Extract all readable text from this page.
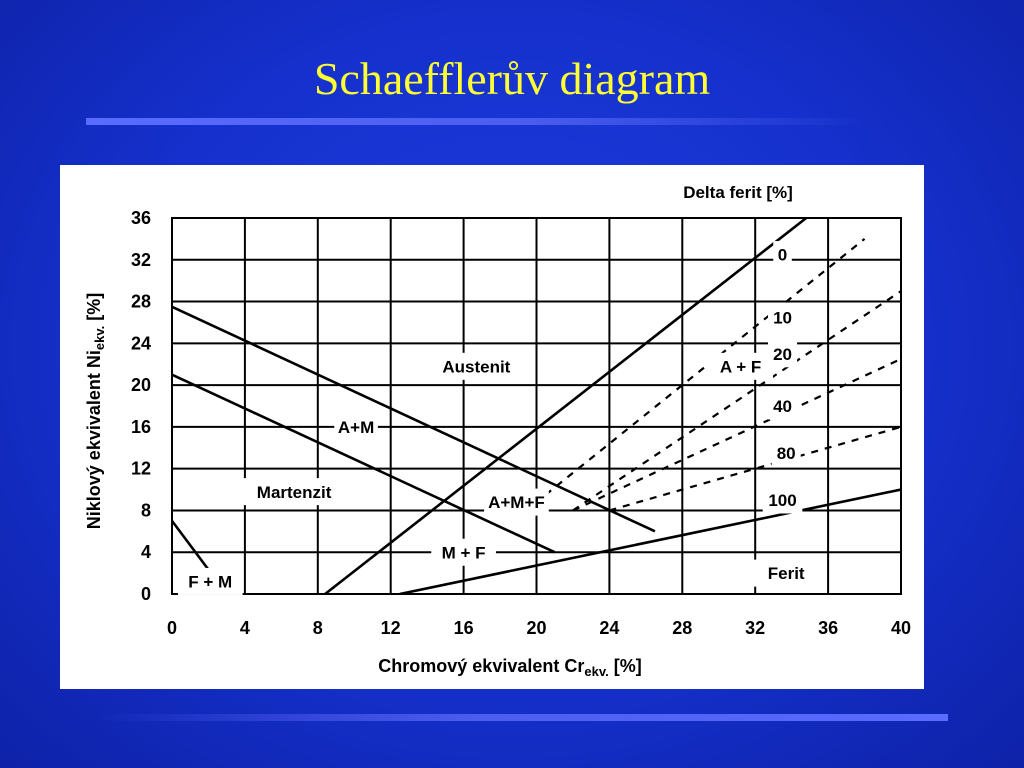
Schaefflerův diagram
0	4	8	12	16	20	24	28	32	36	40
0
4
8
12
16
20
24
28
32
36
Austenit	A + F
A+M
Martenzit
A+M+F
M + F
Ferit
F + M
0
10
20
40
80
100
Delta ferit [%]
Chromový ekvivalent $Cr_{ekv.}$ [%]
Niklový ekvivalent $Ni_{ekv.}[\%]$
